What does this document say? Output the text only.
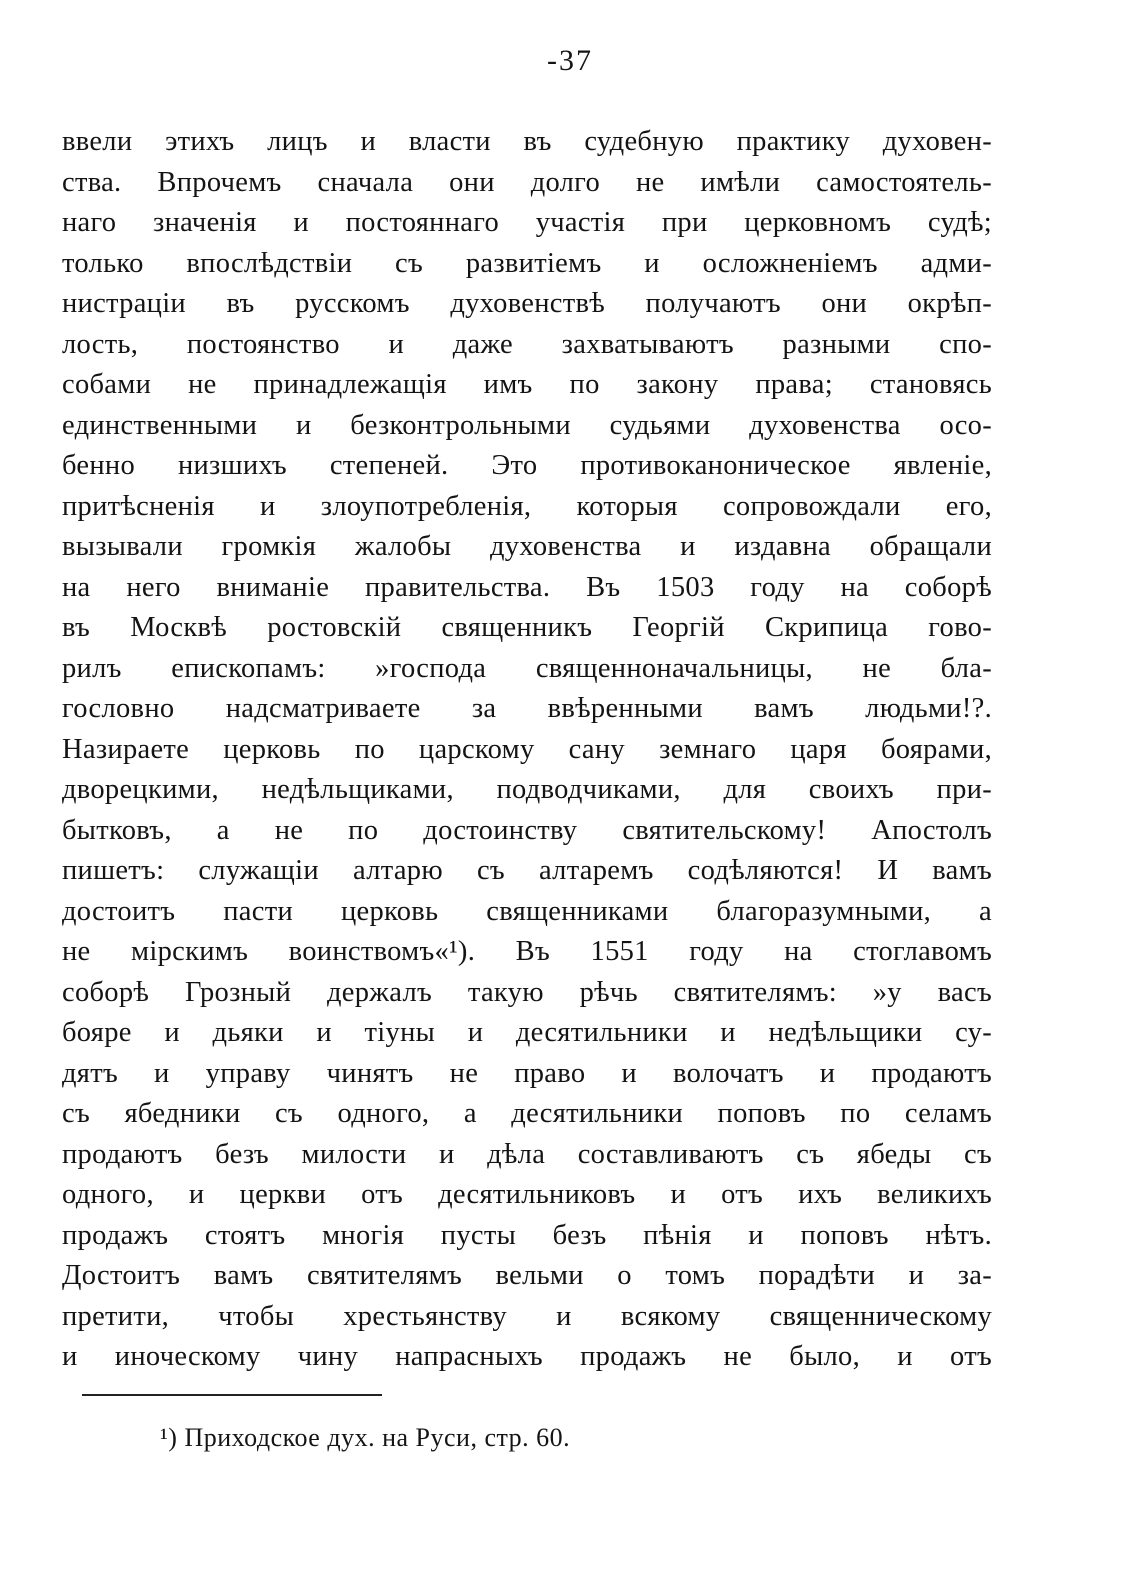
-37
ввели этихъ лицъ и власти въ судебную практику духовен-
ства. Впрочемъ сначала они долго не имѣли самостоятель-
наго значенія и постояннаго участія при церковномъ судѣ;
только впослѣдствіи съ развитіемъ и осложненіемъ адми-
нистраціи въ русскомъ духовенствѣ получаютъ они окрѣп-
лость, постоянство и даже захватываютъ разными спо-
собами не принадлежащія имъ по закону права; становясь
единственными и безконтрольными судьями духовенства осо-
бенно низшихъ степеней. Это противоканоническое явленіе,
притѣсненія и злоупотребленія, которыя сопровождали его,
вызывали громкія жалобы духовенства и издавна обращали
на него вниманіе правительства. Въ 1503 году на соборѣ
въ Москвѣ ростовскій священникъ Георгій Скрипица гово-
рилъ епископамъ: »господа священноначальницы, не бла-
гословно надсматриваете за ввѣренными вамъ людьми!?.
Назираете церковь по царскому сану земнаго царя боярами,
дворецкими, недѣльщиками, подводчиками, для своихъ при-
бытковъ, а не по достоинству святительскому! Апостолъ
пишетъ: служащіи алтарю съ алтаремъ содѣляются! И вамъ
достоитъ пасти церковь священниками благоразумными, а
не мірскимъ воинствомъ«¹). Въ 1551 году на стоглавомъ
соборѣ Грозный держалъ такую рѣчь святителямъ: »у васъ
бояре и дьяки и тіуны и десятильники и недѣльщики су-
дятъ и управу чинятъ не право и волочатъ и продаютъ
съ ябедники съ одного, а десятильники поповъ по селамъ
продаютъ безъ милости и дѣла составливаютъ съ ябеды съ
одного, и церкви отъ десятильниковъ и отъ ихъ великихъ
продажъ стоятъ многія пусты безъ пѣнія и поповъ нѣтъ.
Достоитъ вамъ святителямъ вельми о томъ порадѣти и за-
претити, чтобы хрестьянству и всякому священническому
и иноческому чину напрасныхъ продажъ не было, и отъ
¹) Приходское дух. на Руси, стр. 60.
